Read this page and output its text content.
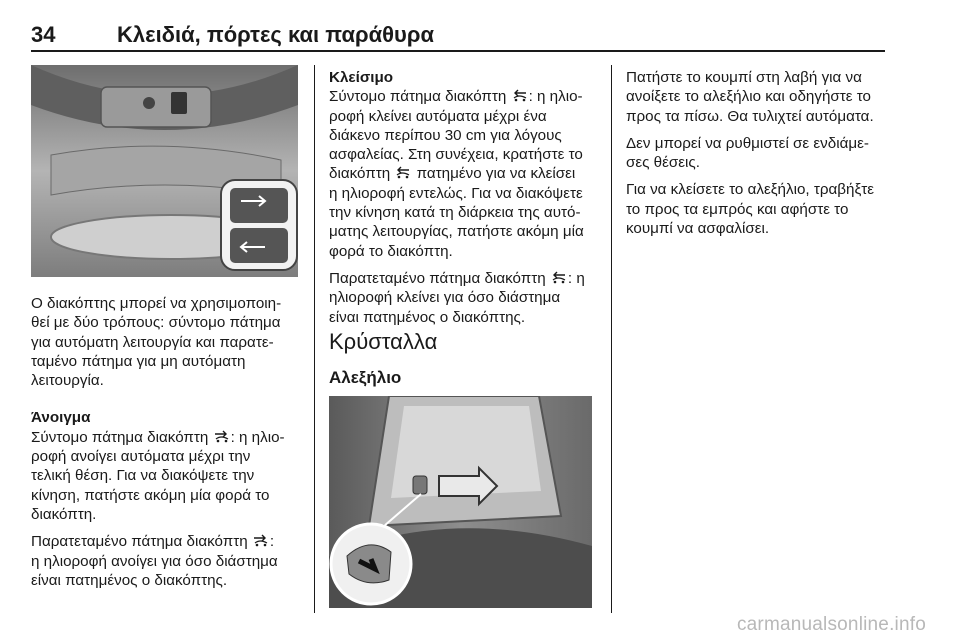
34	Κλειδιά, πόρτες και παράθυρα

Ο διακόπτης μπορεί να χρησιμοποιη-

θεί με δύο τρόπους: σύντομο πάτημα

για αυτόματη λειτουργία και παρατε-

ταμένο πάτημα για μη αυτόματη

λειτουργία.

Άνοιγμα

Σύντομο πάτημα διακόπτη
: η ηλιο-

ροφή ανοίγει αυτόματα μέχρι την

τελική θέση. Για να διακόψετε την

κίνηση, πατήστε ακόμη μία φορά το

διακόπτη.

Παρατεταμένο πάτημα διακόπτη
:

η ηλιοροφή ανοίγει για όσο διάστημα

είναι πατημένος ο διακόπτης.

Κλείσιμο

Σύντομο πάτημα διακόπτη
: η ηλιο-

ροφή κλείνει αυτόματα μέχρι ένα

διάκενο περίπου 30 cm για λόγους

ασφαλείας. Στη συνέχεια, κρατήστε το

διακόπτη
πατημένο για να κλείσει

η ηλιοροφή εντελώς. Για να διακόψετε

την κίνηση κατά τη διάρκεια της αυτό-

ματης λειτουργίας, πατήστε ακόμη μία

φορά το διακόπτη.

Παρατεταμένο πάτημα διακόπτη
: η

ηλιοροφή κλείνει για όσο διάστημα

είναι πατημένος ο διακόπτης.

Κρύσταλλα
Αλεξήλιο

Πατήστε το κουμπί στη λαβή για να

ανοίξετε το αλεξήλιο και οδηγήστε το

προς τα πίσω. Θα τυλιχτεί αυτόματα.

Δεν μπορεί να ρυθμιστεί σε ενδιάμε-

σες θέσεις.

Για να κλείσετε το αλεξήλιο, τραβήξτε

το προς τα εμπρός και αφήστε το

κουμπί να ασφαλίσει.

carmanualsonline.info
